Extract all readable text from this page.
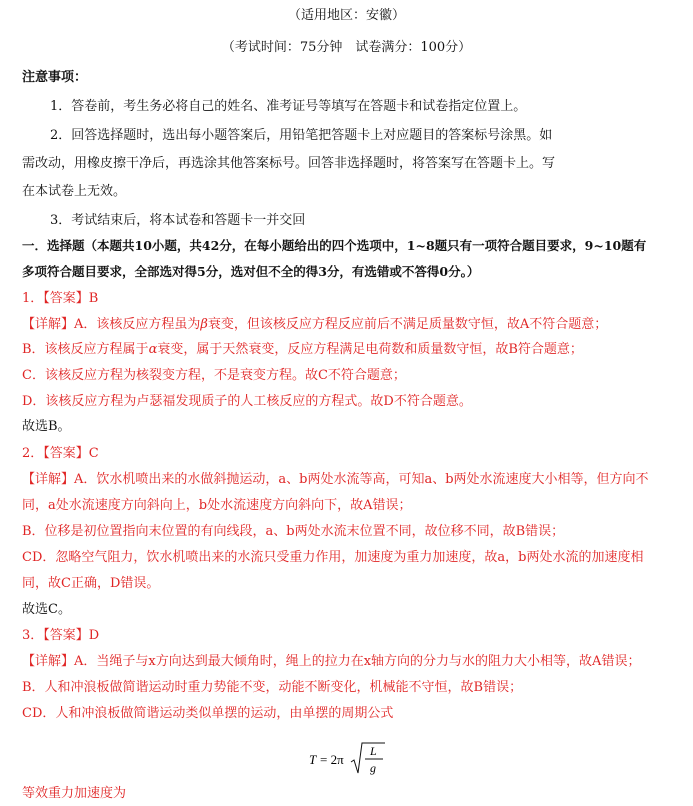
（适用地区：安徽）
（考试时间：75分钟　试卷满分：100分）
注意事项：
1．答卷前，考生务必将自己的姓名、准考证号等填写在答题卡和试卷指定位置上。
2．回答选择题时，选出每小题答案后，用铅笔把答题卡上对应题目的答案标号涂黑。如
需改动，用橡皮擦干净后，再选涂其他答案标号。回答非选择题时，将答案写在答题卡上。写
在本试卷上无效。
3．考试结束后，将本试卷和答题卡一并交回
一．选择题（本题共10小题，共42分，在每小题给出的四个选项中，1~8题只有一项符合题目要求，9~10题有
多项符合题目要求，全部选对得5分，选对但不全的得3分，有选错或不答得0分。）
1．【答案】B
【详解】A．该核反应方程虽为β衰变，但该核反应方程反应前后不满足质量数守恒，故A不符合题意；
B．该核反应方程属于α衰变，属于天然衰变，反应方程满足电荷数和质量数守恒，故B符合题意；
C．该核反应方程为核裂变方程，不是衰变方程。故C不符合题意；
D．该核反应方程为卢瑟福发现质子的人工核反应的方程式。故D不符合题意。
故选B。
2．【答案】C
【详解】A．饮水机喷出来的水做斜抛运动，a、b两处水流等高，可知a、b两处水流速度大小相等，但方向不
同，a处水流速度方向斜向上，b处水流速度方向斜向下，故A错误；
B．位移是初位置指向末位置的有向线段，a、b两处水流末位置不同，故位移不同，故B错误；
CD．忽略空气阻力，饮水机喷出来的水流只受重力作用，加速度为重力加速度，故a，b两处水流的加速度相
同，故C正确，D错误。
故选C。
3．【答案】D
【详解】A．当绳子与x方向达到最大倾角时，绳上的拉力在x轴方向的分力与水的阻力大小相等，故A错误；
B．人和冲浪板做简谐运动时重力势能不变，动能不断变化，机械能不守恒，故B错误；
CD．人和冲浪板做简谐运动类似单摆的运动，由单摆的周期公式
T = 2π
L
g
等效重力加速度为
